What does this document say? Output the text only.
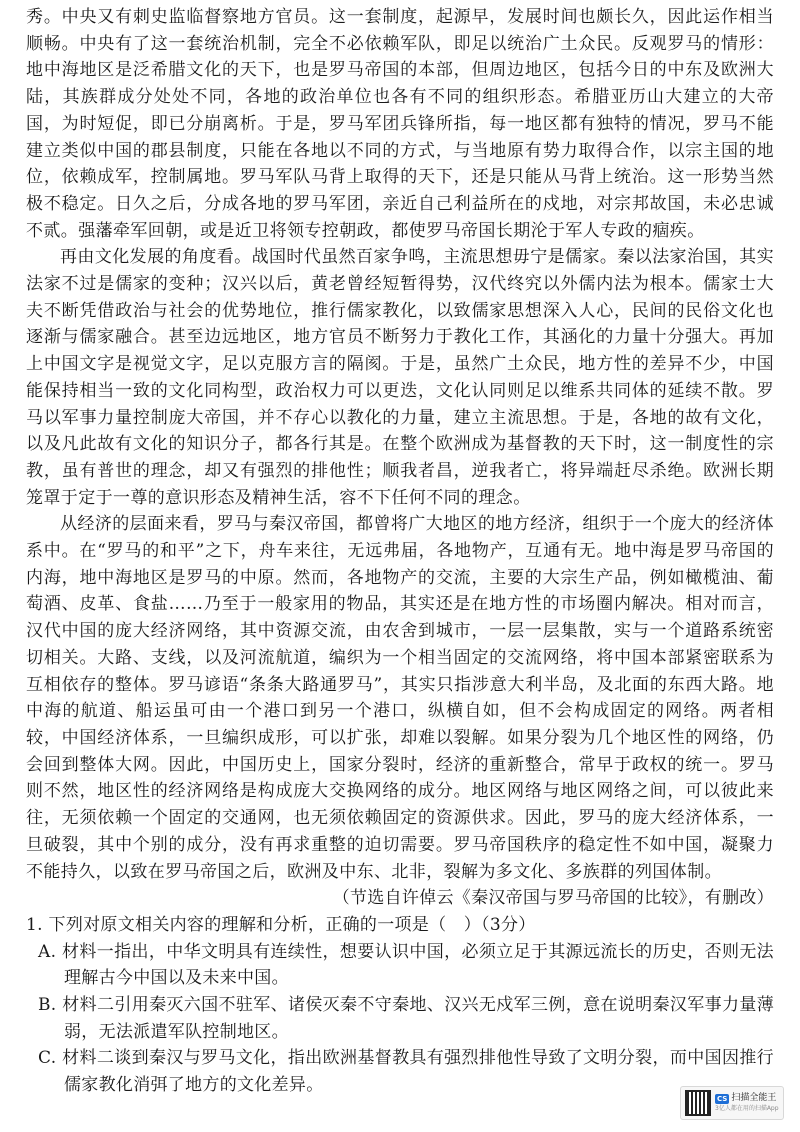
秀。中央又有刺史监临督察地方官员。这一套制度，起源早，发展时间也颇长久，因此运作相当顺畅。中央有了这一套统治机制，完全不必依赖军队，即足以统治广土众民。反观罗马的情形：地中海地区是泛希腊文化的天下，也是罗马帝国的本部，但周边地区，包括今日的中东及欧洲大陆，其族群成分处处不同，各地的政治单位也各有不同的组织形态。希腊亚历山大建立的大帝国，为时短促，即已分崩离析。于是，罗马军团兵锋所指，每一地区都有独特的情况，罗马不能建立类似中国的郡县制度，只能在各地以不同的方式，与当地原有势力取得合作，以宗主国的地位，依赖成军，控制属地。罗马军队马背上取得的天下，还是只能从马背上统治。这一形势当然极不稳定。日久之后，分成各地的罗马军团，亲近自己利益所在的戍地，对宗邦故国，未必忠诚不贰。强藩牵军回朝，或是近卫将领专控朝政，都使罗马帝国长期沦于军人专政的痼疾。

再由文化发展的角度看。战国时代虽然百家争鸣，主流思想毋宁是儒家。秦以法家治国，其实法家不过是儒家的变种；汉兴以后，黄老曾经短暂得势，汉代终究以外儒内法为根本。儒家士大夫不断凭借政治与社会的优势地位，推行儒家教化，以致儒家思想深入人心，民间的民俗文化也逐渐与儒家融合。甚至边远地区，地方官员不断努力于教化工作，其涵化的力量十分强大。再加上中国文字是视觉文字，足以克服方言的隔阂。于是，虽然广土众民，地方性的差异不少，中国能保持相当一致的文化同构型，政治权力可以更迭，文化认同则足以维系共同体的延续不散。罗马以军事力量控制庞大帝国，并不存心以教化的力量，建立主流思想。于是，各地的故有文化，以及凡此故有文化的知识分子，都各行其是。在整个欧洲成为基督教的天下时，这一制度性的宗教，虽有普世的理念，却又有强烈的排他性；顺我者昌，逆我者亡，将异端赶尽杀绝。欧洲长期笼罩于定于一尊的意识形态及精神生活，容不下任何不同的理念。

从经济的层面来看，罗马与秦汉帝国，都曾将广大地区的地方经济，组织于一个庞大的经济体系中。在“罗马的和平”之下，舟车来往，无远弗届，各地物产，互通有无。地中海是罗马帝国的内海，地中海地区是罗马的中原。然而，各地物产的交流，主要的大宗生产品，例如橄榄油、葡萄酒、皮革、食盐……乃至于一般家用的物品，其实还是在地方性的市场圈内解决。相对而言，汉代中国的庞大经济网络，其中资源交流，由农舍到城市，一层一层集散，实与一个道路系统密切相关。大路、支线，以及河流航道，编织为一个相当固定的交流网络，将中国本部紧密联系为互相依存的整体。罗马谚语“条条大路通罗马”，其实只指涉意大利半岛，及北面的东西大路。地中海的航道、船运虽可由一个港口到另一个港口，纵横自如，但不会构成固定的网络。两者相较，中国经济体系，一旦编织成形，可以扩张，却难以裂解。如果分裂为几个地区性的网络，仍会回到整体大网。因此，中国历史上，国家分裂时，经济的重新整合，常早于政权的统一。罗马则不然，地区性的经济网络是构成庞大交换网络的成分。地区网络与地区网络之间，可以彼此来往，无须依赖一个固定的交通网，也无须依赖固定的资源供求。因此，罗马的庞大经济体系，一旦破裂，其中个别的成分，没有再求重整的迫切需要。罗马帝国秩序的稳定性不如中国，凝聚力不能持久，以致在罗马帝国之后，欧洲及中东、北非，裂解为多文化、多族群的列国体制。

（节选自许倬云《秦汉帝国与罗马帝国的比较》，有删改）

1. 下列对原文相关内容的理解和分析，正确的一项是（　）（3分）

A. 材料一指出，中华文明具有连续性，想要认识中国，必须立足于其源远流长的历史，否则无法理解古今中国以及未来中国。

B. 材料二引用秦灭六国不驻军、诸侯灭秦不守秦地、汉兴无戍军三例，意在说明秦汉军事力量薄弱，无法派遣军队控制地区。

C. 材料二谈到秦汉与罗马文化，指出欧洲基督教具有强烈排他性导致了文明分裂，而中国因推行儒家教化消弭了地方的文化差异。

CS 扫描全能王
3亿人都在用的扫描App
